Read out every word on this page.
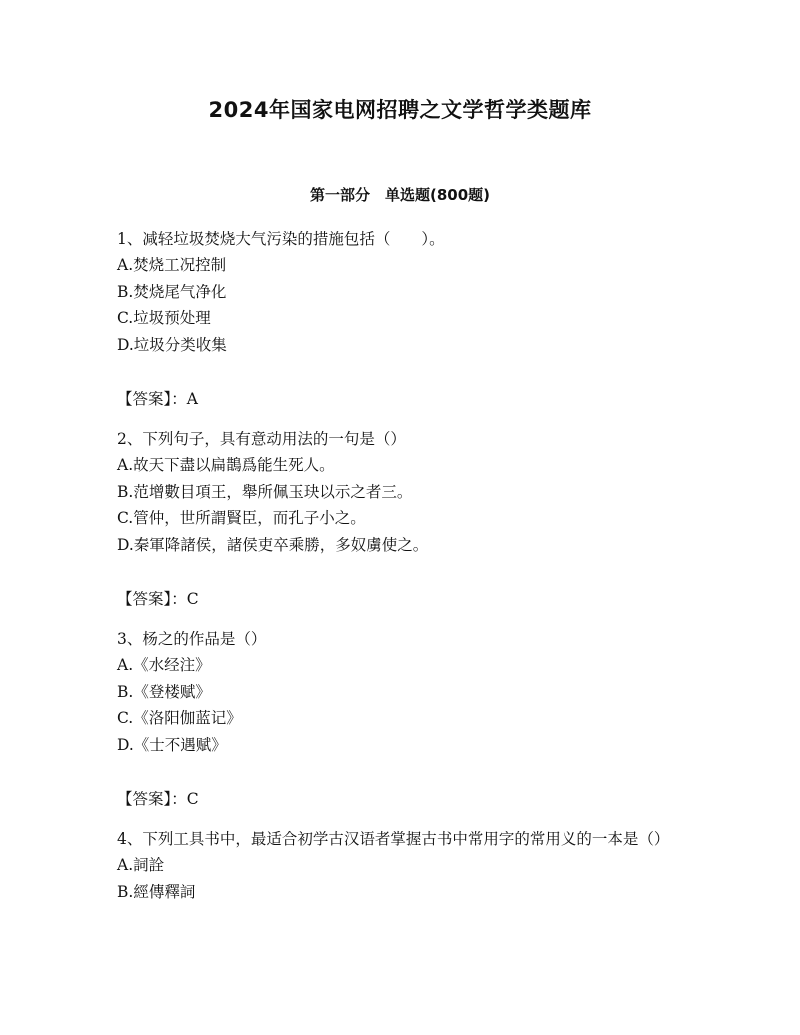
2024年国家电网招聘之文学哲学类题库
第一部分　单选题(800题)

1、减轻垃圾焚烧大气污染的措施包括（　　）。

A.焚烧工况控制

B.焚烧尾气净化

C.垃圾预处理

D.垃圾分类收集

【答案】：A

2、下列句子，具有意动用法的一句是（）

A.故天下盡以扁鵲爲能生死人。

B.范增數目項王，舉所佩玉玦以示之者三。

C.管仲，世所謂賢臣，而孔子小之。

D.秦軍降諸侯，諸侯吏卒乘勝，多奴虜使之。

【答案】：C

3、杨之的作品是（）

A.《水经注》

B.《登楼赋》

C.《洛阳伽蓝记》

D.《士不遇赋》

【答案】：C

4、下列工具书中，最适合初学古汉语者掌握古书中常用字的常用义的一本是（）

A.詞詮

B.經傳釋詞
